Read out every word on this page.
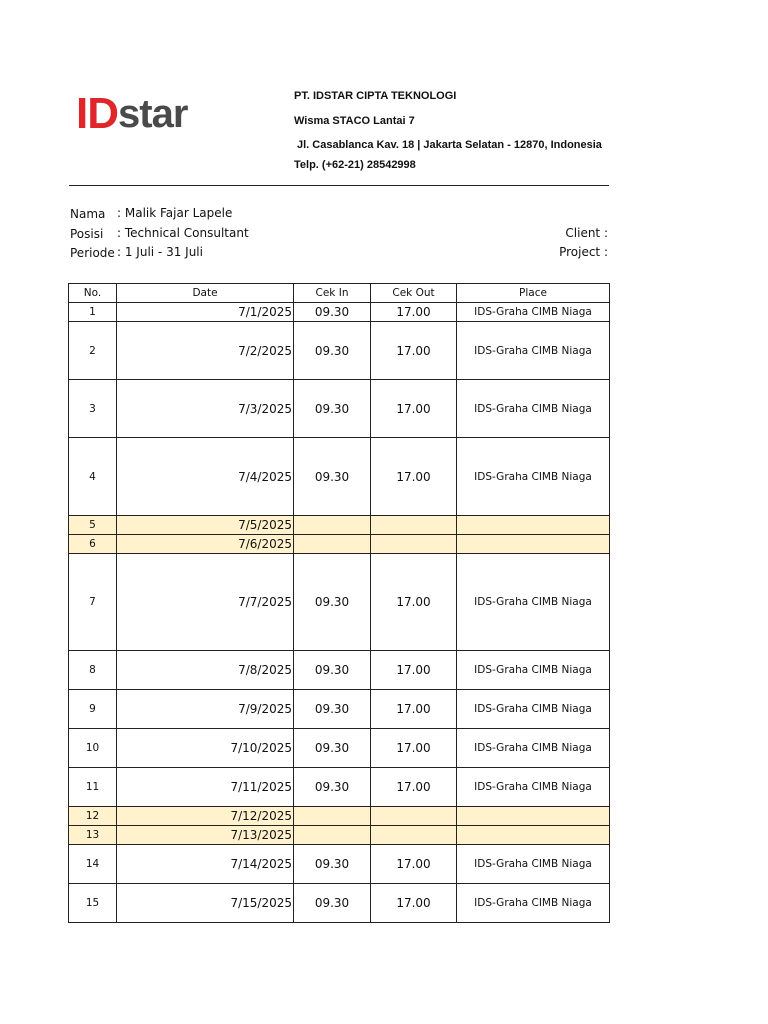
ID star	PT. IDSTAR CIPTA TEKNOLOGI
Wisma STACO Lantai 7
Jl. Casablanca Kav. 18 | Jakarta Selatan - 12870, Indonesia
Telp. (+62-21) 28542998
Nama : Malik Fajar Lapele
Posisi : Technical Consultant
Periode : 1 Juli - 31 Juli
Client :
Project :
No.	Date	Cek In	Cek Out	Place
1	7/1/2025	09.30	17.00	IDS-Graha CIMB Niaga
2	7/2/2025	09.30	17.00	IDS-Graha CIMB Niaga
3	7/3/2025	09.30	17.00	IDS-Graha CIMB Niaga
4	7/4/2025	09.30	17.00	IDS-Graha CIMB Niaga
5	7/5/2025			
6	7/6/2025			
7	7/7/2025	09.30	17.00	IDS-Graha CIMB Niaga
8	7/8/2025	09.30	17.00	IDS-Graha CIMB Niaga
9	7/9/2025	09.30	17.00	IDS-Graha CIMB Niaga
10	7/10/2025	09.30	17.00	IDS-Graha CIMB Niaga
11	7/11/2025	09.30	17.00	IDS-Graha CIMB Niaga
12	7/12/2025			
13	7/13/2025			
14	7/14/2025	09.30	17.00	IDS-Graha CIMB Niaga
15	7/15/2025	09.30	17.00	IDS-Graha CIMB Niaga
